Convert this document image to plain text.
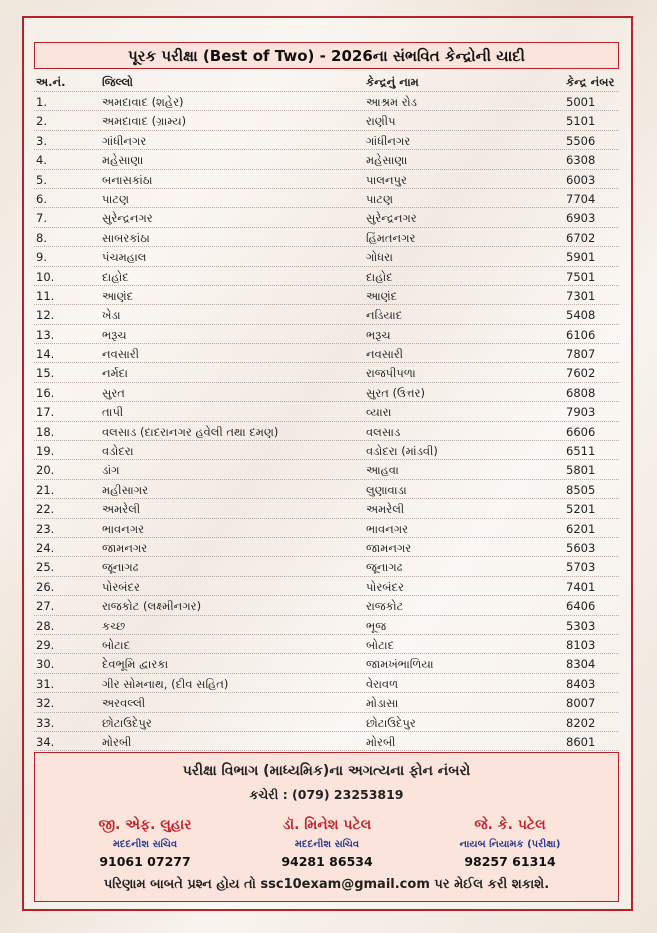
પૂરક પરીક્ષા (Best of Two) - 2026ના સંભવિત કેન્દ્રોની યાદી
અ.નં.	જિલ્લો	કેન્દ્રનું નામ	કેન્દ્ર નંબર
1.	અમદાવાદ (શહેર)	આશ્રમ રોડ	5001
2.	અમદાવાદ (ગ્રામ્ય)	રાણીપ	5101
3.	ગાંધીનગર	ગાંધીનગર	5506
4.	મહેસાણા	મહેસાણા	6308
5.	બનાસકાંઠા	પાલનપુર	6003
6.	પાટણ	પાટણ	7704
7.	સુરેન્દ્રનગર	સુરેન્દ્રનગર	6903
8.	સાબરકાંઠા	હિંમતનગર	6702
9.	પંચમહાલ	ગોધરા	5901
10.	દાહોદ	દાહોદ	7501
11.	આણંદ	આણંદ	7301
12.	ખેડા	નડિયાદ	5408
13.	ભરૂચ	ભરૂચ	6106
14.	નવસારી	નવસારી	7807
15.	નર્મદા	રાજપીપળા	7602
16.	સુરત	સુરત (ઉત્તર)	6808
17.	તાપી	વ્યારા	7903
18.	વલસાડ (દાદરાનગર હવેલી તથા દમણ)	વલસાડ	6606
19.	વડોદરા	વડોદરા (માંડવી)	6511
20.	ડાંગ	આહવા	5801
21.	મહીસાગર	લુણાવાડા	8505
22.	અમરેલી	અમરેલી	5201
23.	ભાવનગર	ભાવનગર	6201
24.	જામનગર	જામનગર	5603
25.	જૂનાગઢ	જૂનાગઢ	5703
26.	પોરબંદર	પોરબંદર	7401
27.	રાજકોટ (લક્ષ્મીનગર)	રાજકોટ	6406
28.	કચ્છ	ભૂજ	5303
29.	બોટાદ	બોટાદ	8103
30.	દેવભૂમિ દ્વારકા	જામખંભાળિયા	8304
31.	ગીર સોમનાથ, (દીવ સહિત)	વેરાવળ	8403
32.	અરવલ્લી	મોડાસા	8007
33.	છોટાઉદેપુર	છોટાઉદેપુર	8202
34.	મોરબી	મોરબી	8601
પરીક્ષા વિભાગ (માધ્યમિક)ના અગત્યના ફોન નંબરો
કચેરી : (079) 23253819
જી. એફ. લુહાર
મદદનીશ સચિવ
91061 07277
ડૉ. મિનેશ પટેલ
મદદનીશ સચિવ
94281 86534
જે. કે. પટેલ
નાયબ નિયામક (પરીક્ષા)
98257 61314
પરિણામ બાબતે પ્રશ્ન હોય તો ssc10exam@gmail.com પર મેઈલ કરી શકાશે.
